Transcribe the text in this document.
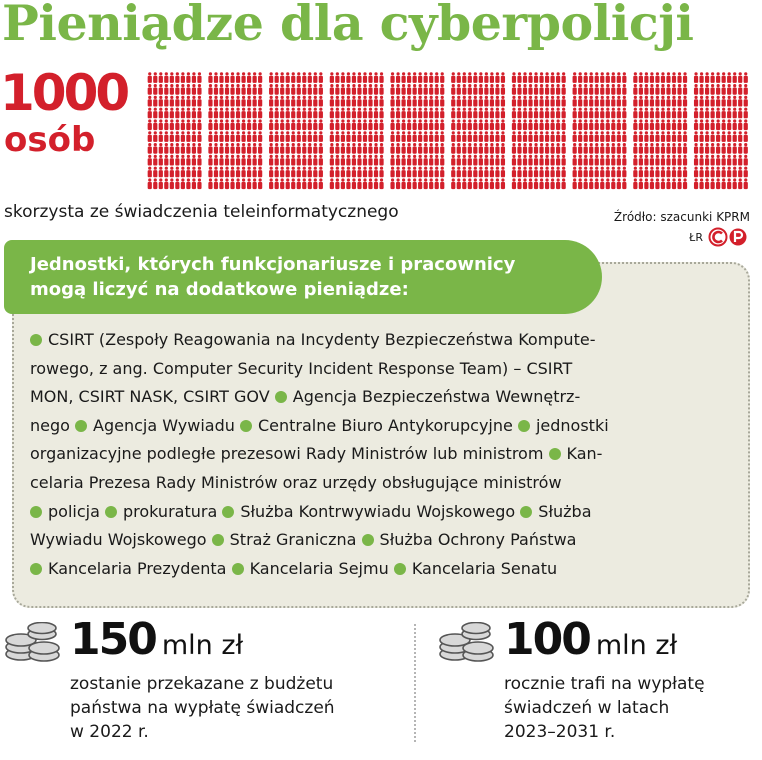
Pieniądze dla cyberpolicji
1000
osób
skorzysta ze świadczenia teleinformatycznego	Źródło: szacunki KPRM
ŁR
Jednostki, których funkcjonariusze i pracownicy
mogą liczyć na dodatkowe pieniądze:
CSIRT (Zespoły Reagowania na Incydenty Bezpieczeństwa Kompute-
rowego, z ang. Computer Security Incident Response Team) – CSIRT
MON, CSIRT NASK, CSIRT GOV Agencja Bezpieczeństwa Wewnętrz-
nego Agencja Wywiadu Centralne Biuro Antykorupcyjne jednostki
organizacyjne podległe prezesowi Rady Ministrów lub ministrom Kan-
celaria Prezesa Rady Ministrów oraz urzędy obsługujące ministrów
policja prokuratura Służba Kontrwywiadu Wojskowego Służba
Wywiadu Wojskowego Straż Graniczna Służba Ochrony Państwa
Kancelaria Prezydenta Kancelaria Sejmu Kancelaria Senatu
150 mln zł
zostanie przekazane z budżetu
państwa na wypłatę świadczeń
w 2022 r.
100 mln zł
rocznie trafi na wypłatę
świadczeń w latach
2023–2031 r.
